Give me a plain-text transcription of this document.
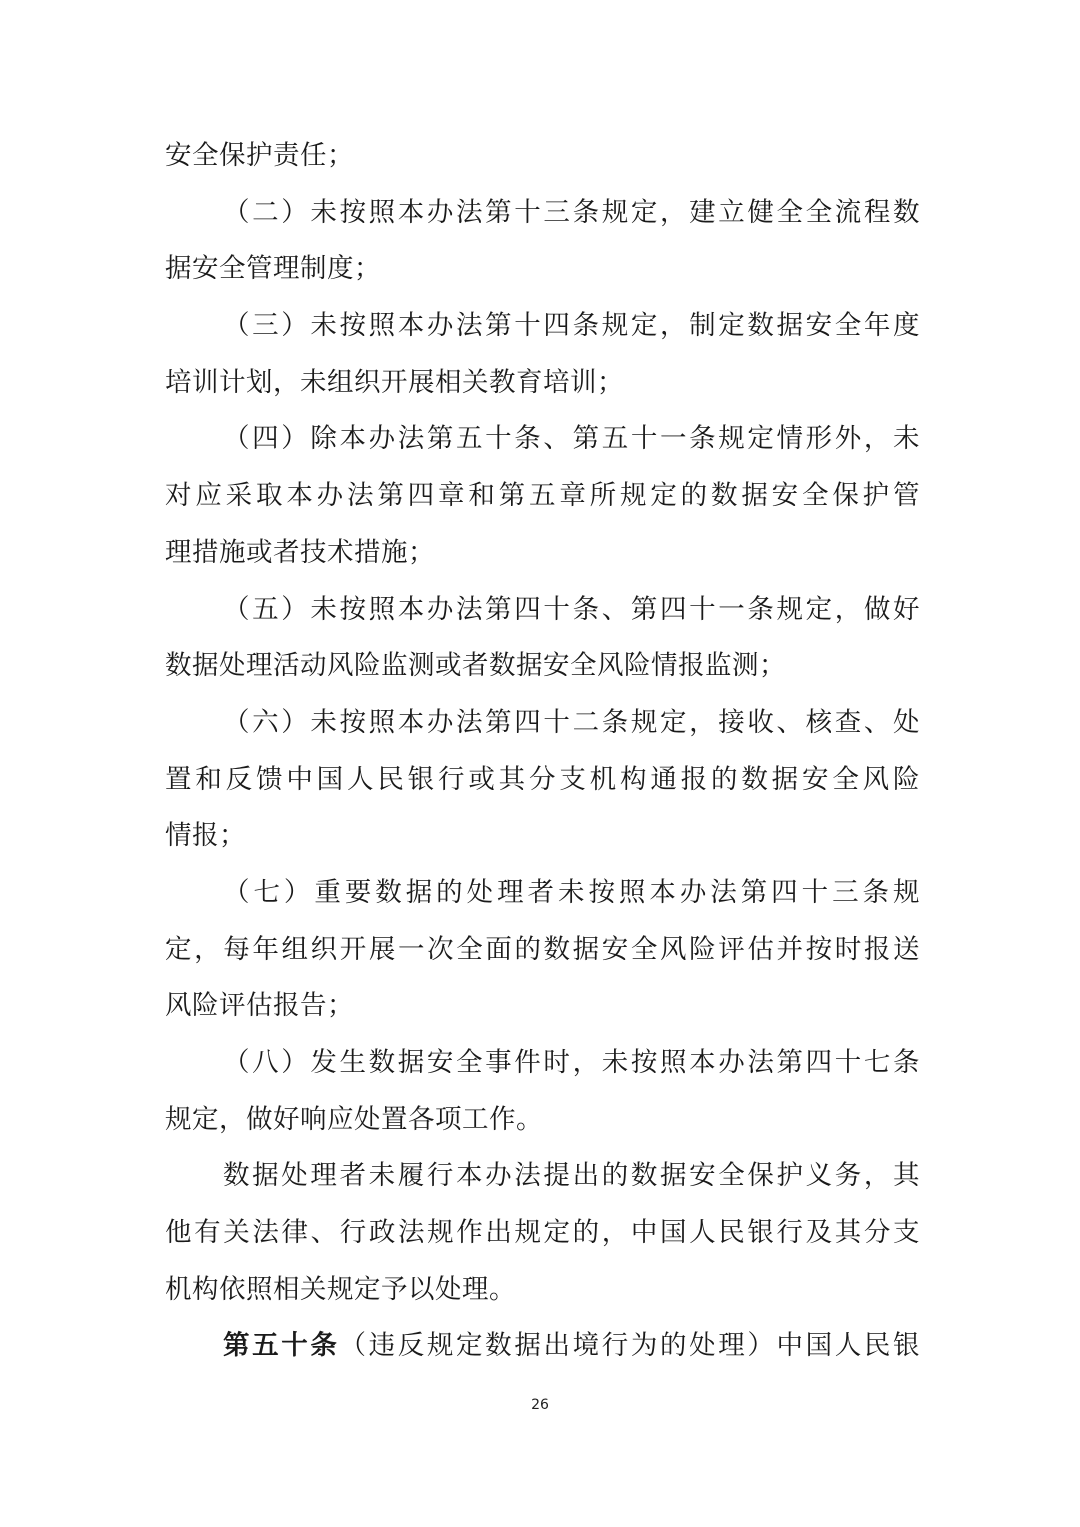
安全保护责任；
（二）未按照本办法第十三条规定，建立健全全流程数
据安全管理制度；
（三）未按照本办法第十四条规定，制定数据安全年度
培训计划，未组织开展相关教育培训；
（四）除本办法第五十条、第五十一条规定情形外，未
对应采取本办法第四章和第五章所规定的数据安全保护管
理措施或者技术措施；
（五）未按照本办法第四十条、第四十一条规定，做好
数据处理活动风险监测或者数据安全风险情报监测；
（六）未按照本办法第四十二条规定，接收、核查、处
置和反馈中国人民银行或其分支机构通报的数据安全风险
情报；
（七）重要数据的处理者未按照本办法第四十三条规
定，每年组织开展一次全面的数据安全风险评估并按时报送
风险评估报告；
（八）发生数据安全事件时，未按照本办法第四十七条
规定，做好响应处置各项工作。
数据处理者未履行本办法提出的数据安全保护义务，其
他有关法律、行政法规作出规定的，中国人民银行及其分支
机构依照相关规定予以处理。
第五十条（违反规定数据出境行为的处理）中国人民银
26
